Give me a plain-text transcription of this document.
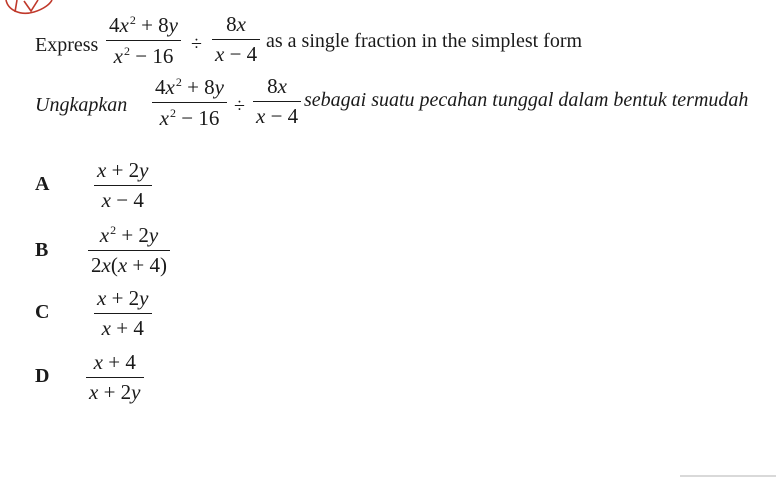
Express
$4x^2 + 8y$
$x^2 - 16$
÷
8x
x − 4
as a single fraction in the simplest form
Ungkapkan
$4x^2 + 8y$
$x^2 - 16$
÷
8x
x − 4
sebagai suatu pecahan tunggal dalam bentuk termudah
A
x + 2y
x − 4
B
$x^2 + 2y$
2x(x + 4)
C
x + 2y
x + 4
D
x + 4
x + 2y
